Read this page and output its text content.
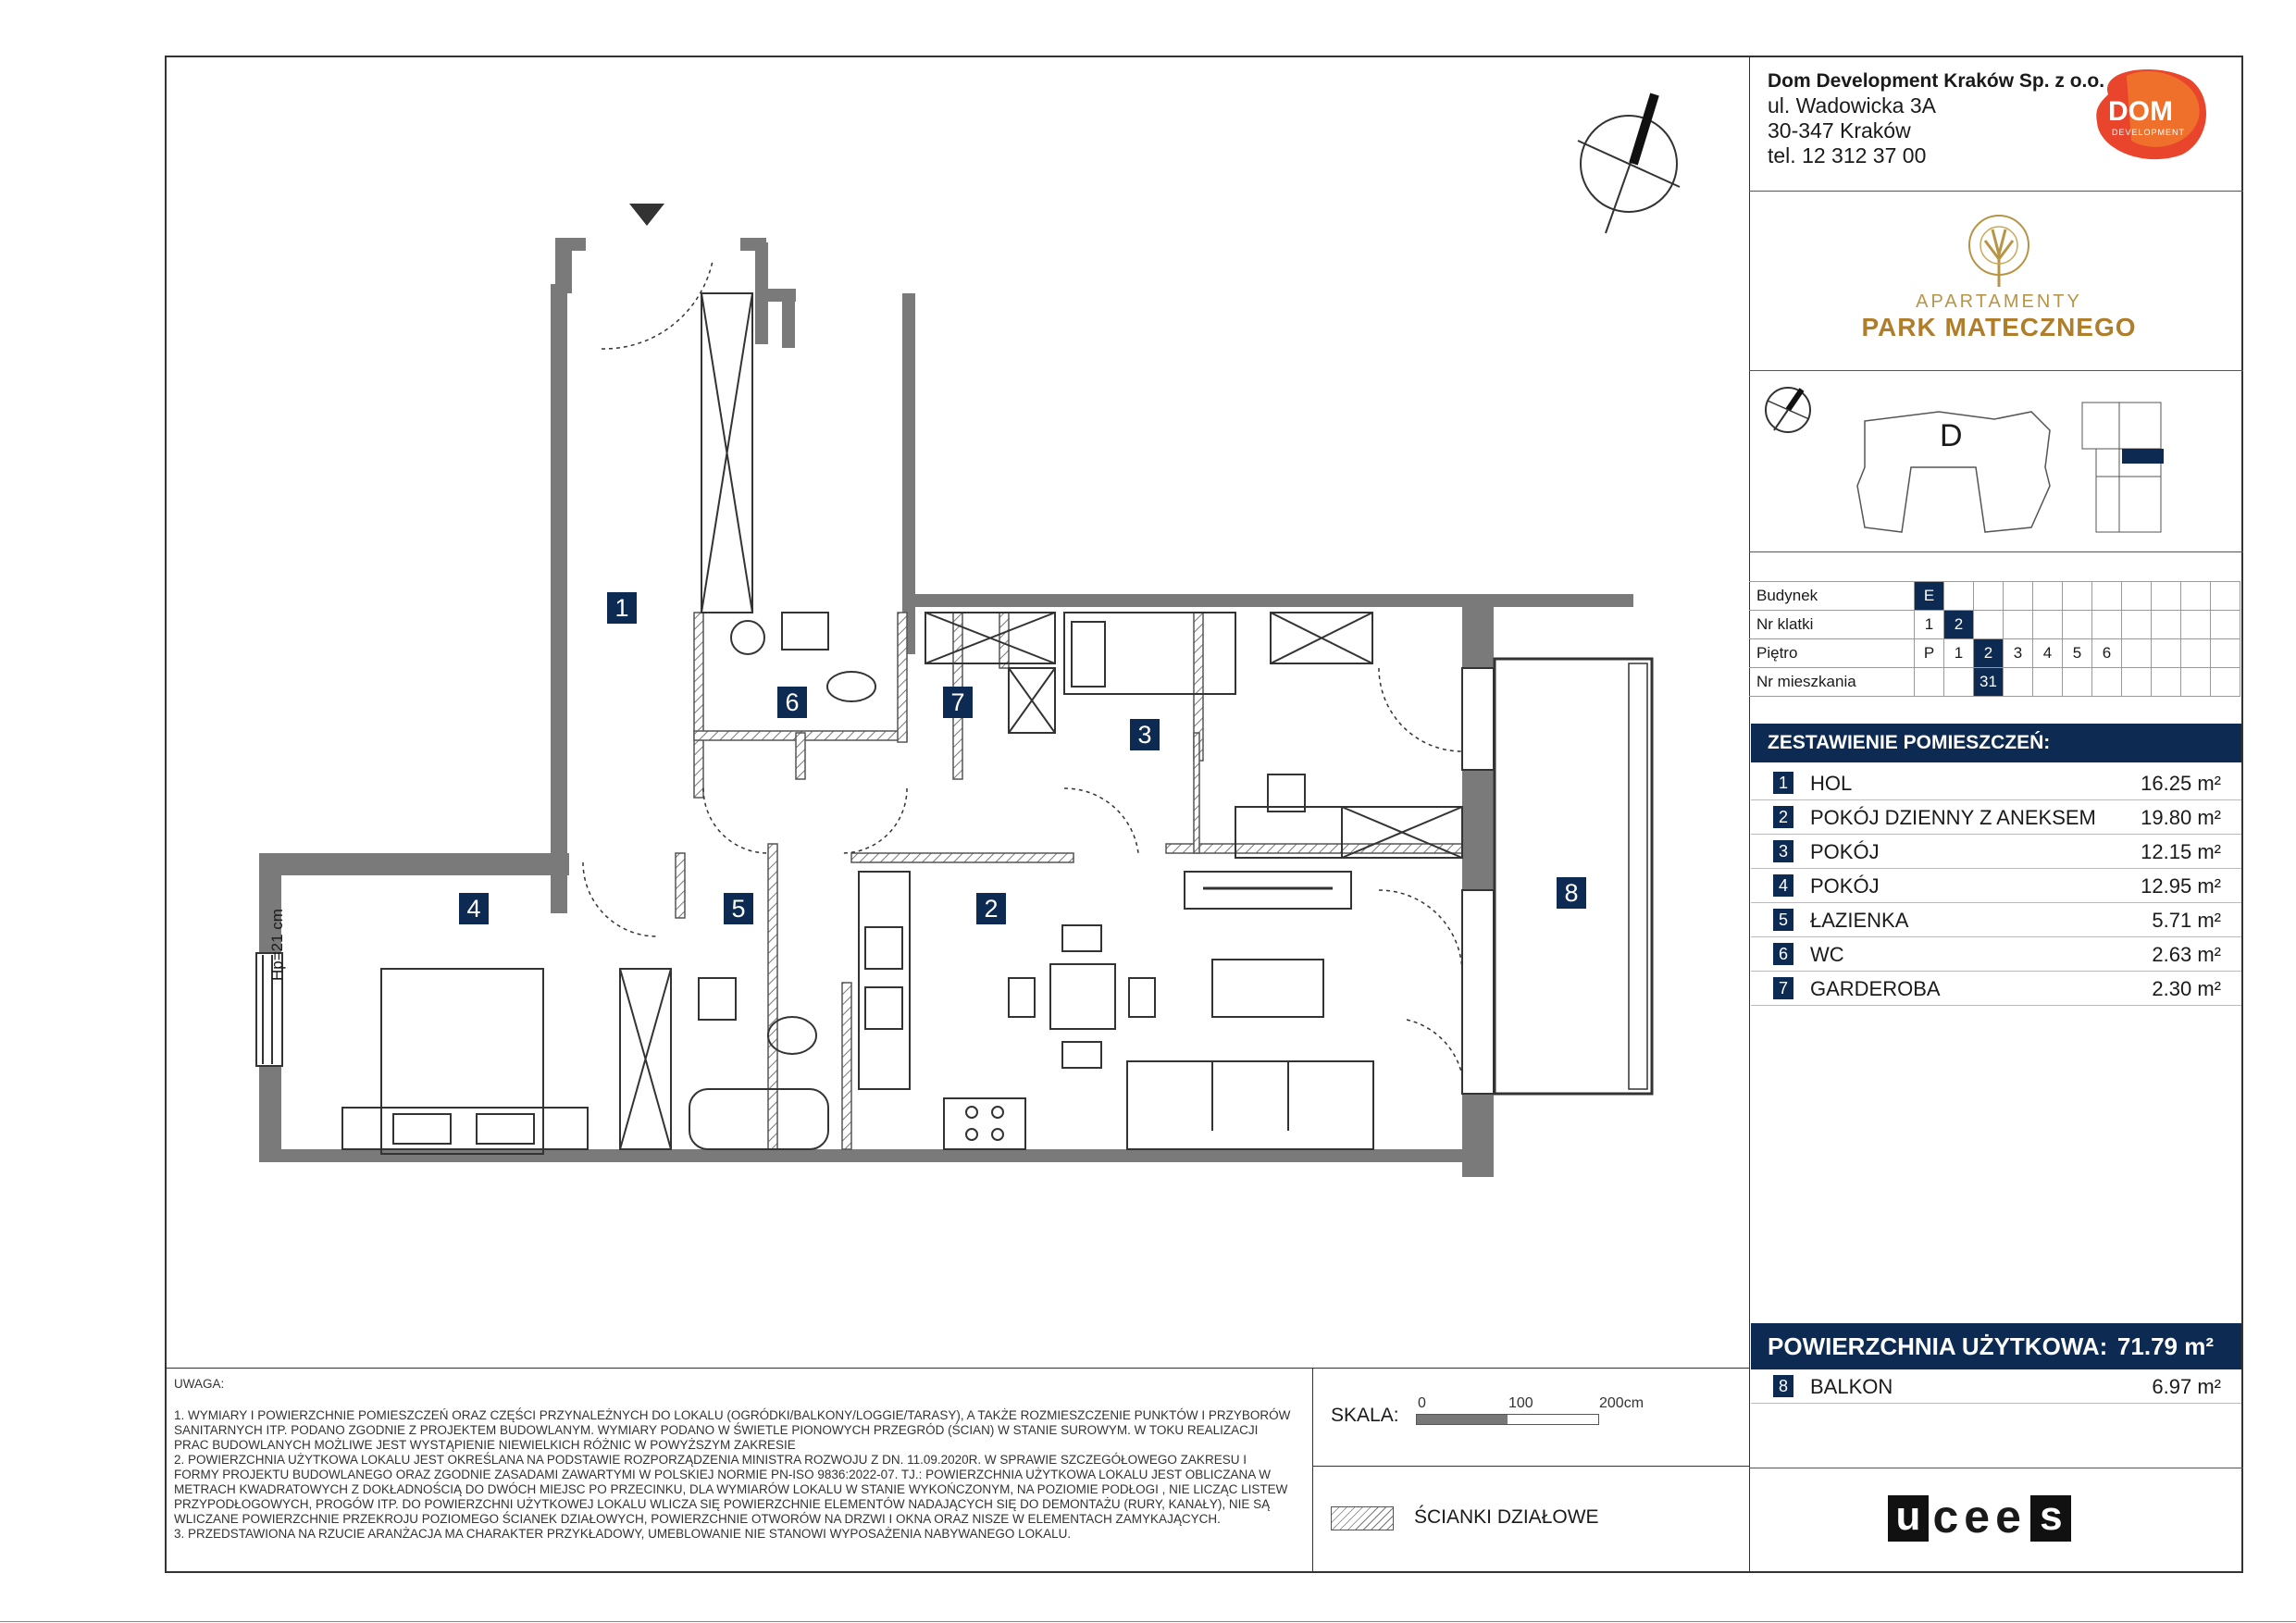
Hp=21 cm
1
2
3
4	5
6	7
8
Dom Development Kraków Sp. z o.o.
ul. Wadowicka 3A
30-347 Kraków
tel. 12 312 37 00
DOM
DEVELOPMENT
APARTAMENTY
PARK MATECZNEGO
D
Budynek	E										
Nr klatki	1	2									
Piętro	P	1	2	3	4	5	6				
Nr mieszkania			31								
ZESTAWIENIE POMIESZCZEŃ:
1 HOL	16.25 m²
2 POKÓJ DZIENNY Z ANEKSEM 19.80 m²
3 POKÓJ	12.15 m²
4 POKÓJ	12.95 m²
5 ŁAZIENKA	5.71 m²
6 WC	2.63 m²
7 GARDEROBA	2.30 m²
POWIERZCHNIA UŻYTKOWA: 71.79 m²
8 BALKON	6.97 m²

UWAGA:

1. WYMIARY I POWIERZCHNIE POMIESZCZEŃ ORAZ CZĘŚCI PRZYNALEŻNYCH DO LOKALU (OGRÓDKI/BALKONY/LOGGIE/TARASY), A TAKŻE ROZMIESZCZENIE PUNKTÓW I PRZYBORÓW SANITARNYCH ITP. PODANO ZGODNIE Z PROJEKTEM BUDOWLANYM. WYMIARY PODANO W ŚWIETLE PIONOWYCH PRZEGRÓD (ŚCIAN) W STANIE SUROWYM. W TOKU REALIZACJI PRAC BUDOWLANYCH MOŻLIWE JEST WYSTĄPIENIE NIEWIELKICH RÓŻNIC W POWYŻSZYM ZAKRESIE

2. POWIERZCHNIA UŻYTKOWA LOKALU JEST OKREŚLANA NA PODSTAWIE ROZPORZĄDZENIA MINISTRA ROZWOJU Z DN. 11.09.2020R. W SPRAWIE SZCZEGÓŁOWEGO ZAKRESU I FORMY PROJEKTU BUDOWLANEGO ORAZ ZGODNIE ZASADAMI ZAWARTYMI W POLSKIEJ NORMIE PN-ISO 9836:2022-07. TJ.: POWIERZCHNIA UŻYTKOWA LOKALU JEST OBLICZANA W METRACH KWADRATOWYCH Z DOKŁADNOŚCIĄ DO DWÓCH MIEJSC PO PRZECINKU, DLA WYMIARÓW LOKALU W STANIE WYKOŃCZONYM, NA POZIOMIE PODŁOGI , NIE LICZĄC LISTEW PRZYPODŁOGOWYCH, PROGÓW ITP. DO POWIERZCHNI UŻYTKOWEJ LOKALU WLICZA SIĘ POWIERZCHNIE ELEMENTÓW NADAJĄCYCH SIĘ DO DEMONTAŻU (RURY, KANAŁY), NIE SĄ WLICZANE POWIERZCHNIE PRZEKROJU POZIOMEGO ŚCIANEK DZIAŁOWYCH, POWIERZCHNIE OTWORÓW NA DRZWI I OKNA ORAZ NISZE W ELEMENTACH ZAMYKAJĄCYCH.

3. PRZEDSTAWIONA NA RZUCIE ARANŻACJA MA CHARAKTER PRZYKŁADOWY, UMEBLOWANIE NIE STANOWI WYPOSAŻENIA NABYWANEGO LOKALU.

SKALA:
0	100	200cm
ŚCIANKI DZIAŁOWE	u cee s
